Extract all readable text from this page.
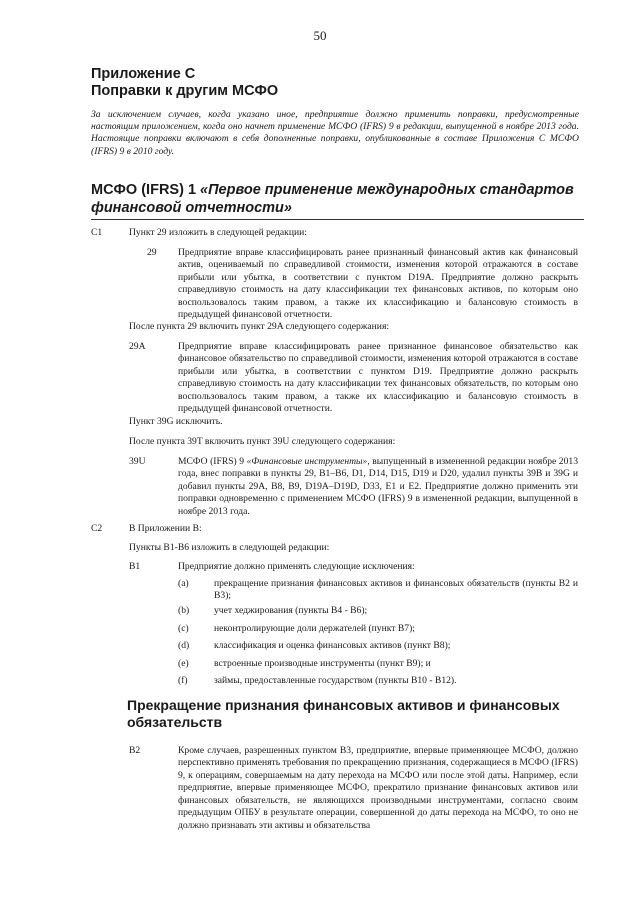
50
Приложение C
Поправки к другим МСФО
За исключением случаев, когда указано иное, предприятие должно применить поправки, предусмотренные настоящим приложением, когда оно начнет применение МСФО (IFRS) 9 в редакции, выпущенной в ноябре 2013 года. Настоящие поправки включают в себя дополненные поправки, опубликованные в составе Приложения C МСФО (IFRS) 9 в 2010 году.
МСФО (IFRS) 1 «Первое применение международных стандартов финансовой отчетности»
C1	Пункт 29 изложить в следующей редакции:
29 Предприятие вправе классифицировать ранее признанный финансовый актив как финансовый актив, оцениваемый по справедливой стоимости, изменения которой отражаются в составе прибыли или убытка, в соответствии с пунктом D19A. Предприятие должно раскрыть справедливую стоимость на дату классификации тех финансовых активов, по которым оно воспользовалось таким правом, а также их классификацию и балансовую стоимость в предыдущей финансовой отчетности.
После пункта 29 включить пункт 29A следующего содержания:
29A	Предприятие вправе классифицировать ранее признанное финансовое обязательство как финансовое обязательство по справедливой стоимости, изменения которой отражаются в составе прибыли или убытка, в соответствии с пунктом D19. Предприятие должно раскрыть справедливую стоимость на дату классификации тех финансовых обязательств, по которым оно воспользовалось таким правом, а также их классификацию и балансовую стоимость в предыдущей финансовой отчетности.
Пункт 39G исключить.
После пункта 39T включить пункт 39U следующего содержания:
39U	МСФО (IFRS) 9 «Финансовые инструменты», выпущенный в измененной редакции ноябре 2013 года, внес поправки в пункты 29, B1–B6, D1, D14, D15, D19 и D20, удалил пункты 39B и 39G и добавил пункты 29A, B8, B9, D19A–D19D, D33, E1 и E2. Предприятие должно применить эти поправки одновременно с применением МСФО (IFRS) 9 в измененной редакции, выпущенной в ноябре 2013 года.
C2	В Приложении B:
Пункты B1-B6 изложить в следующей редакции:
B1	Предприятие должно применять следующие исключения:
(a)	прекращение признания финансовых активов и финансовых обязательств (пункты B2 и B3);
(b)	учет хеджирования (пункты B4 - B6);
(c)	неконтролирующие доли держателей (пункт B7);
(d)	классификация и оценка финансовых активов (пункт B8);
(e)	встроенные производные инструменты (пункт B9); и
(f)	займы, предоставленные государством (пункты B10 - B12).
Прекращение признания финансовых активов и финансовых обязательств
B2	Кроме случаев, разрешенных пунктом B3, предприятие, впервые применяющее МСФО, должно перспективно применять требования по прекращению признания, содержащиеся в МСФО (IFRS) 9, к операциям, совершаемым на дату перехода на МСФО или после этой даты. Например, если предприятие, впервые применяющее МСФО, прекратило признание финансовых активов или финансовых обязательств, не являющихся производными инструментами, согласно своим предыдущим ОПБУ в результате операции, совершенной до даты перехода на МСФО, то оно не должно признавать эти активы и обязательства
